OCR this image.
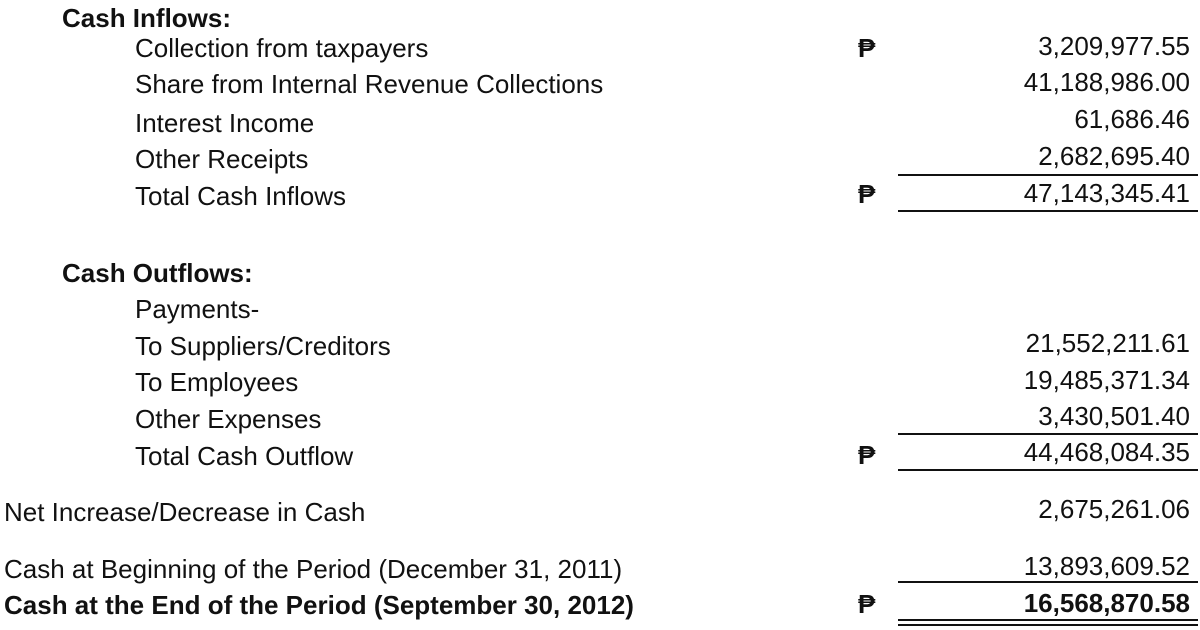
Cash Inflows:
Collection from taxpayers	₱	3,209,977.55
Share from Internal Revenue Collections	41,188,986.00
Interest Income	61,686.46
Other Receipts	2,682,695.40
Total Cash Inflows	₱	47,143,345.41
Cash Outflows:
Payments-
To Suppliers/Creditors	21,552,211.61
To Employees	19,485,371.34
Other Expenses	3,430,501.40
Total Cash Outflow	₱	44,468,084.35
Net Increase/Decrease in Cash	2,675,261.06
Cash at Beginning of the Period (December 31, 2011)	13,893,609.52
Cash at the End of the Period (September 30, 2012)	₱	16,568,870.58
